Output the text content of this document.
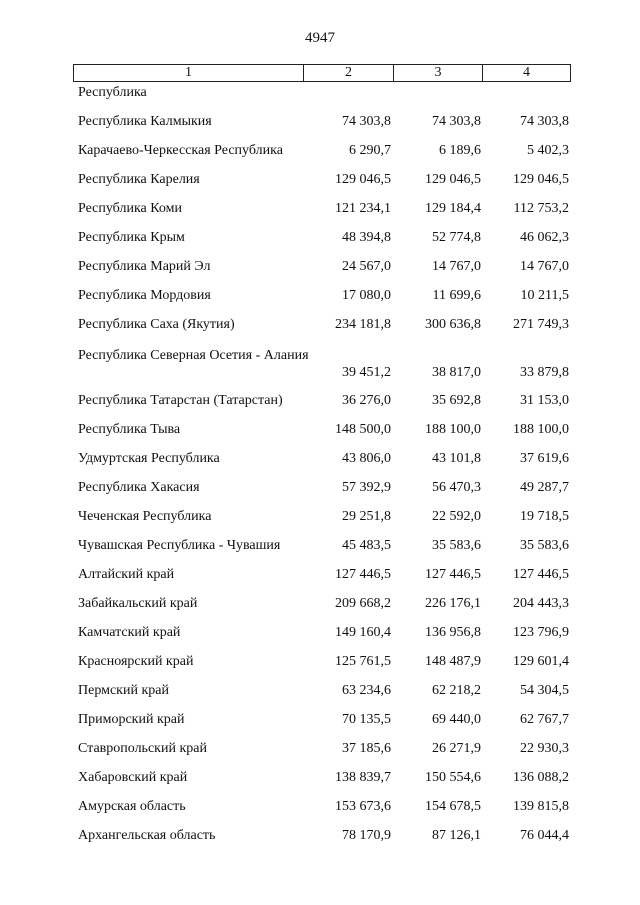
4947
1	2	3	4
Республика
Республика Калмыкия	74 303,8	74 303,8	74 303,8
Карачаево-Черкесская Республика	6 290,7	6 189,6	5 402,3
Республика Карелия	129 046,5	129 046,5	129 046,5
Республика Коми	121 234,1	129 184,4	112 753,2
Республика Крым	48 394,8	52 774,8	46 062,3
Республика Марий Эл	24 567,0	14 767,0	14 767,0
Республика Мордовия	17 080,0	11 699,6	10 211,5
Республика Саха (Якутия)	234 181,8	300 636,8	271 749,3
Республика Северная Осетия - Алания
39 451,2	38 817,0	33 879,8
Республика Татарстан (Татарстан)	36 276,0	35 692,8	31 153,0
Республика Тыва	148 500,0	188 100,0	188 100,0
Удмуртская Республика	43 806,0	43 101,8	37 619,6
Республика Хакасия	57 392,9	56 470,3	49 287,7
Чеченская Республика	29 251,8	22 592,0	19 718,5
Чувашская Республика - Чувашия	45 483,5	35 583,6	35 583,6
Алтайский край	127 446,5	127 446,5	127 446,5
Забайкальский край	209 668,2	226 176,1	204 443,3
Камчатский край	149 160,4	136 956,8	123 796,9
Красноярский край	125 761,5	148 487,9	129 601,4
Пермский край	63 234,6	62 218,2	54 304,5
Приморский край	70 135,5	69 440,0	62 767,7
Ставропольский край	37 185,6	26 271,9	22 930,3
Хабаровский край	138 839,7	150 554,6	136 088,2
Амурская область	153 673,6	154 678,5	139 815,8
Архангельская область	78 170,9	87 126,1	76 044,4
